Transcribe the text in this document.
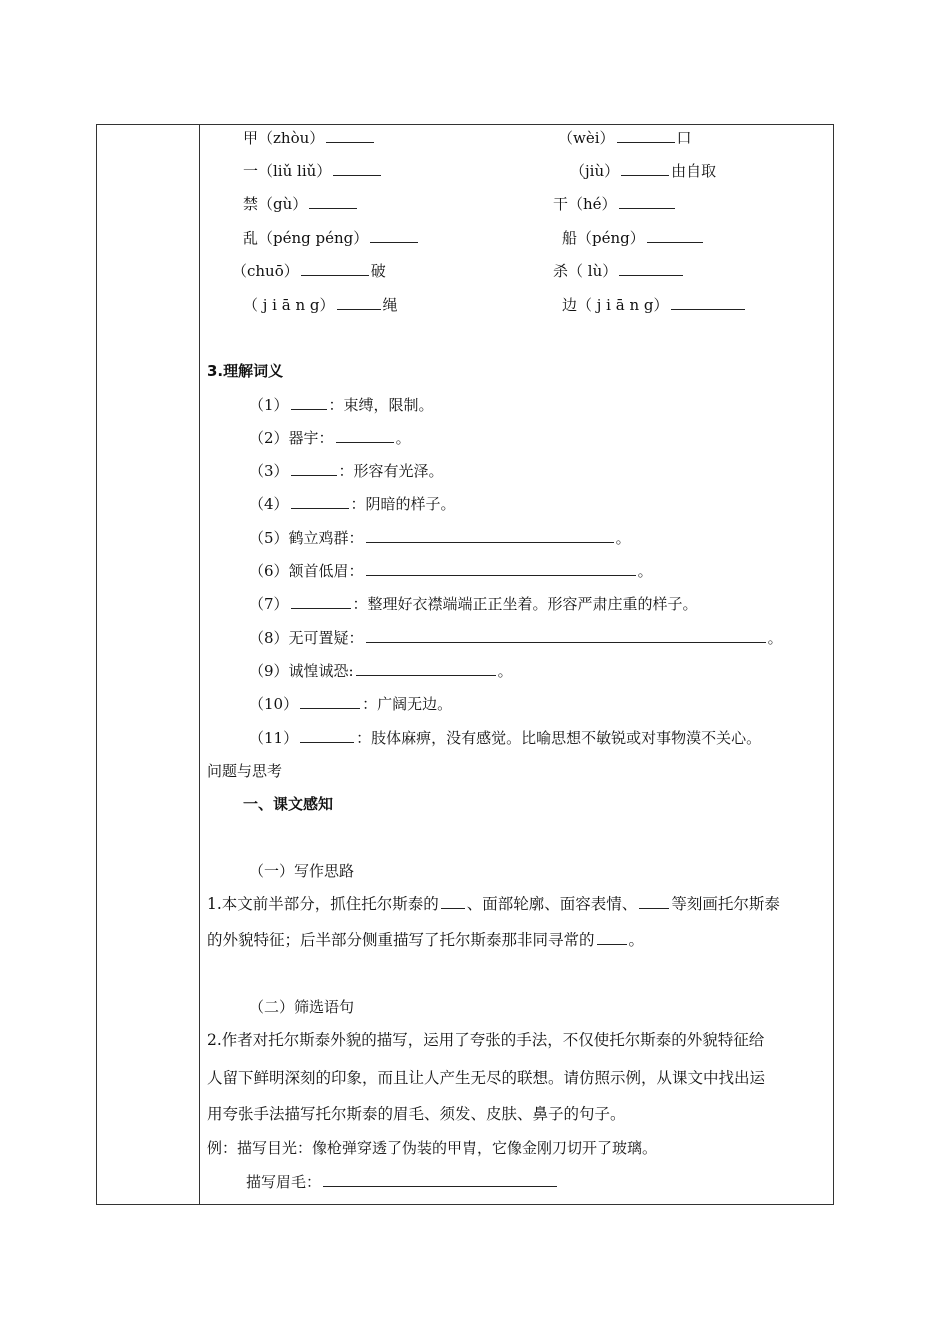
甲（zhòu）	（wèi）	口
一（liǔ liǔ）	（jiù）	由自取
禁（gù）	干（hé）
乱（péng péng）	船（péng）
（chuō）	破	杀（ lù）
（ j i ā n g）	绳	边（ j i ā n g）
3.理解词义
（1）	：束缚，限制。
（2）器宇：	。
（3）	：形容有光泽。
（4）	：阴暗的样子。
（5）鹤立鸡群：	。
（6）颔首低眉：	。
（7）	：整理好衣襟端端正正坐着。形容严肃庄重的样子。
（8）无可置疑：	。
（9）诚惶诚恐:	。
（10）	：广阔无边。
（11）	：肢体麻痹，没有感觉。比喻思想不敏锐或对事物漠不关心。
问题与思考
一、课文感知
（一）写作思路
1.本文前半部分，抓住托尔斯泰的 、面部轮廓、面容表情、 等刻画托尔斯泰
的外貌特征；后半部分侧重描写了托尔斯泰那非同寻常的 。
（二）筛选语句
2.作者对托尔斯泰外貌的描写，运用了夸张的手法，不仅使托尔斯泰的外貌特征给
人留下鲜明深刻的印象，而且让人产生无尽的联想。请仿照示例，从课文中找出运
用夸张手法描写托尔斯泰的眉毛、须发、皮肤、鼻子的句子。
例：描写目光：像枪弹穿透了伪装的甲胄，它像金刚刀切开了玻璃。
描写眉毛：
